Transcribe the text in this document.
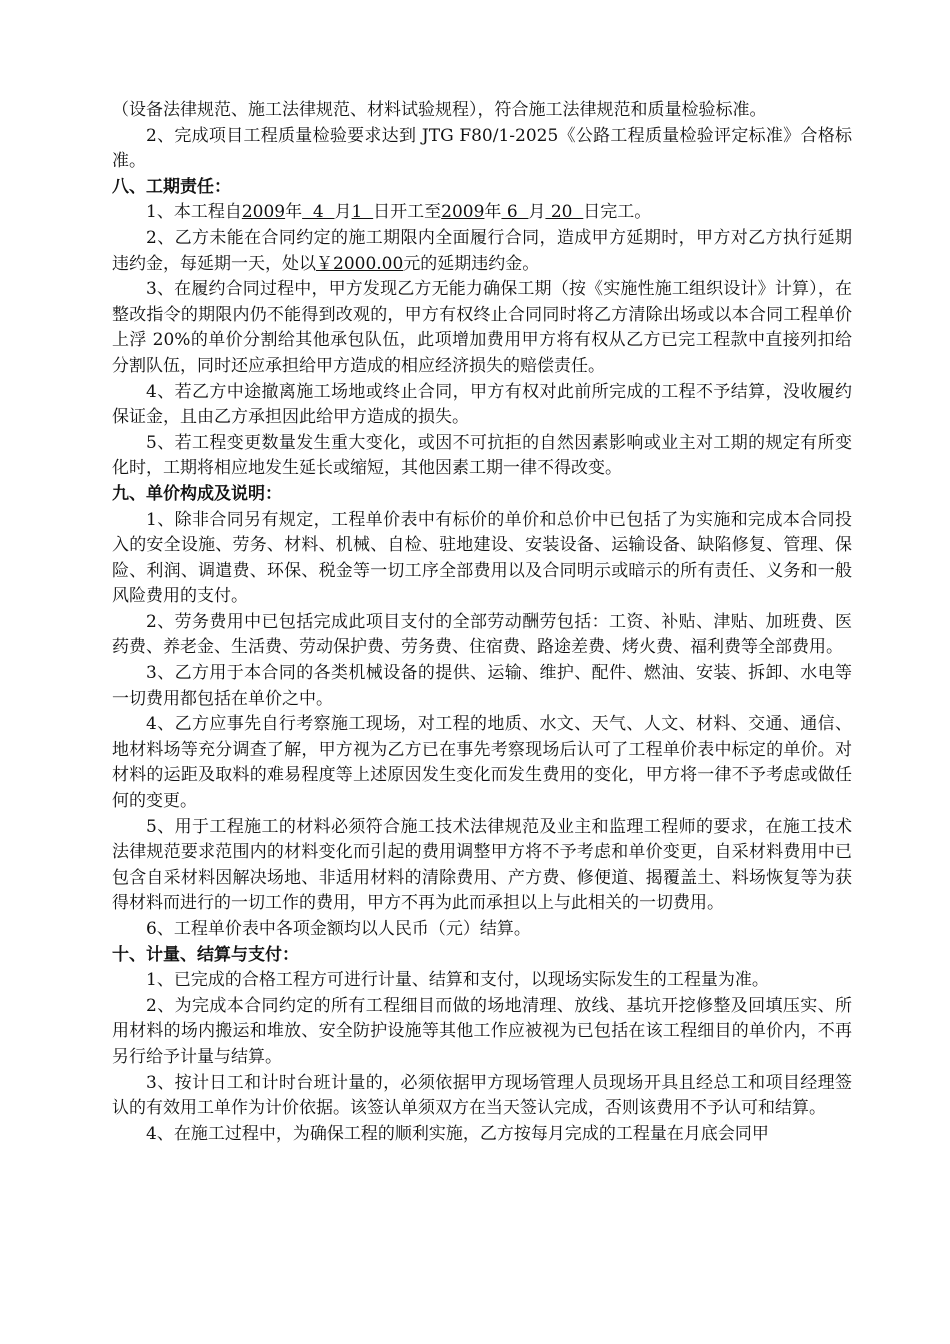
（设备法律规范、施工法律规范、材料试验规程），符合施工法律规范和质量检验标准。

2、完成项目工程质量检验要求达到 JTG F80/1-2025《公路工程质量检验评定标准》合格标准。

八、工期责任：

1、本工程自2009年  4  月1  日开工至2009年 6  月 20  日完工。

2、乙方未能在合同约定的施工期限内全面履行合同，造成甲方延期时，甲方对乙方执行延期违约金，每延期一天，处以￥2000.00元的延期违约金。

3、在履约合同过程中，甲方发现乙方无能力确保工期（按《实施性施工组织设计》计算），在整改指令的期限内仍不能得到改观的，甲方有权终止合同同时将乙方清除出场或以本合同工程单价上浮 20%的单价分割给其他承包队伍，此项增加费用甲方将有权从乙方已完工程款中直接列扣给分割队伍，同时还应承担给甲方造成的相应经济损失的赔偿责任。

4、若乙方中途撤离施工场地或终止合同，甲方有权对此前所完成的工程不予结算，没收履约保证金，且由乙方承担因此给甲方造成的损失。

5、若工程变更数量发生重大变化，或因不可抗拒的自然因素影响或业主对工期的规定有所变化时，工期将相应地发生延长或缩短，其他因素工期一律不得改变。

九、单价构成及说明：

1、除非合同另有规定，工程单价表中有标价的单价和总价中已包括了为实施和完成本合同投入的安全设施、劳务、材料、机械、自检、驻地建设、安装设备、运输设备、缺陷修复、管理、保险、利润、调遣费、环保、税金等一切工序全部费用以及合同明示或暗示的所有责任、义务和一般风险费用的支付。

2、劳务费用中已包括完成此项目支付的全部劳动酬劳包括：工资、补贴、津贴、加班费、医药费、养老金、生活费、劳动保护费、劳务费、住宿费、路途差费、烤火费、福利费等全部费用。

3、乙方用于本合同的各类机械设备的提供、运输、维护、配件、燃油、安装、拆卸、水电等一切费用都包括在单价之中。

4、乙方应事先自行考察施工现场，对工程的地质、水文、天气、人文、材料、交通、通信、地材料场等充分调查了解，甲方视为乙方已在事先考察现场后认可了工程单价表中标定的单价。对材料的运距及取料的难易程度等上述原因发生变化而发生费用的变化，甲方将一律不予考虑或做任何的变更。

5、用于工程施工的材料必须符合施工技术法律规范及业主和监理工程师的要求，在施工技术法律规范要求范围内的材料变化而引起的费用调整甲方将不予考虑和单价变更，自采材料费用中已包含自采材料因解决场地、非适用材料的清除费用、产方费、修便道、揭覆盖土、料场恢复等为获得材料而进行的一切工作的费用，甲方不再为此而承担以上与此相关的一切费用。

6、工程单价表中各项金额均以人民币（元）结算。

十、计量、结算与支付：

1、已完成的合格工程方可进行计量、结算和支付，以现场实际发生的工程量为准。

2、为完成本合同约定的所有工程细目而做的场地清理、放线、基坑开挖修整及回填压实、所用材料的场内搬运和堆放、安全防护设施等其他工作应被视为已包括在该工程细目的单价内，不再另行给予计量与结算。

3、按计日工和计时台班计量的，必须依据甲方现场管理人员现场开具且经总工和项目经理签认的有效用工单作为计价依据。该签认单须双方在当天签认完成，否则该费用不予认可和结算。

4、在施工过程中，为确保工程的顺利实施，乙方按每月完成的工程量在月底会同甲
